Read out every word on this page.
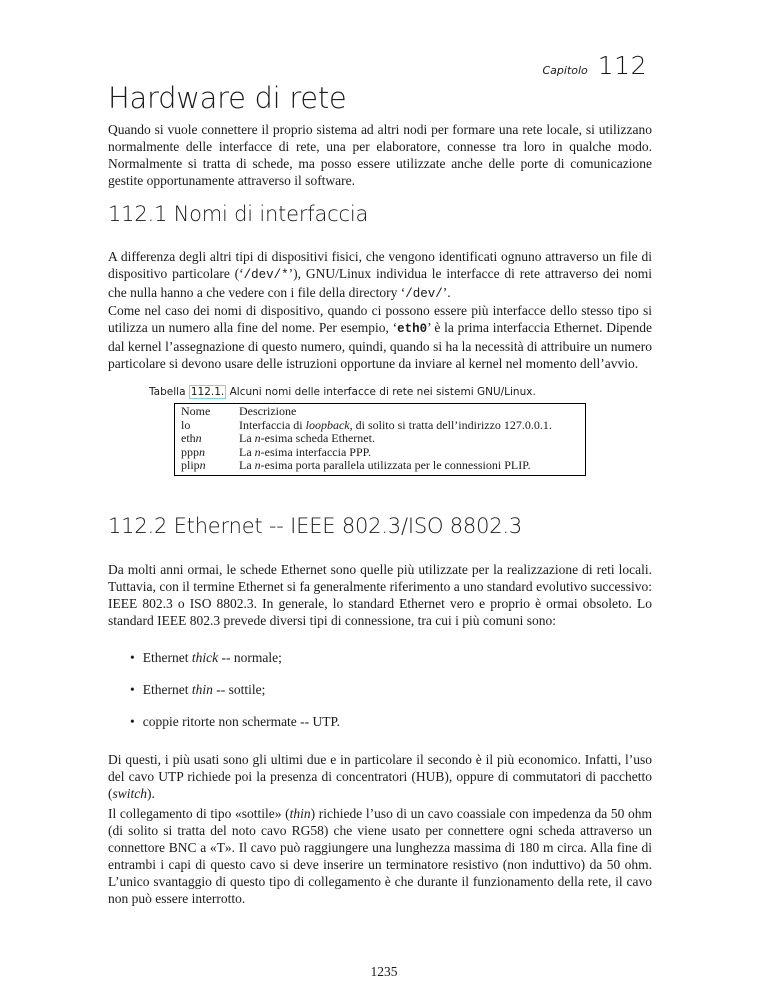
Capitolo 112
Hardware di rete

Quando si vuole connettere il proprio sistema ad altri nodi per formare una rete locale, si utilizzano normalmente delle interfacce di rete, una per elaboratore, connesse tra loro in qualche modo. Normalmente si tratta di schede, ma posso essere utilizzate anche delle porte di comunicazione gestite opportunamente attraverso il software.

112.1 Nomi di interfaccia

A differenza degli altri tipi di dispositivi fisici, che vengono identificati ognuno attraverso un file di dispositivo particolare (‘/dev/*’), GNU/Linux individua le interfacce di rete attraverso dei nomi che nulla hanno a che vedere con i file della directory ‘/dev/’.

Come nel caso dei nomi di dispositivo, quando ci possono essere più interfacce dello stesso tipo si utilizza un numero alla fine del nome. Per esempio, ‘eth0’ è la prima interfaccia Ethernet. Dipende dal kernel l’assegnazione di questo numero, quindi, quando si ha la necessità di attribuire un numero particolare si devono usare delle istruzioni opportune da inviare al kernel nel momento dell’avvio.

Tabella 112.1. Alcuni nomi delle interfacce di rete nei sistemi GNU/Linux.

Nome	Descrizione
lo	Interfaccia di loopback, di solito si tratta dell’indirizzo 127.0.0.1.
ethn	La n-esima scheda Ethernet.
pppn	La n-esima interfaccia PPP.
plipn	La n-esima porta parallela utilizzata per le connessioni PLIP.
112.2 Ethernet -- IEEE 802.3/ISO 8802.3

Da molti anni ormai, le schede Ethernet sono quelle più utilizzate per la realizzazione di reti locali. Tuttavia, con il termine Ethernet si fa generalmente riferimento a uno standard evolutivo successivo: IEEE 802.3 o ISO 8802.3. In generale, lo standard Ethernet vero e proprio è ormai obsoleto. Lo standard IEEE 802.3 prevede diversi tipi di connessione, tra cui i più comuni sono:

• Ethernet thick -- normale;
• Ethernet thin -- sottile;
• coppie ritorte non schermate -- UTP.

Di questi, i più usati sono gli ultimi due e in particolare il secondo è il più economico. Infatti, l’uso del cavo UTP richiede poi la presenza di concentratori (HUB), oppure di commutatori di pacchetto (switch).

Il collegamento di tipo «sottile» (thin) richiede l’uso di un cavo coassiale con impedenza da 50 ohm (di solito si tratta del noto cavo RG58) che viene usato per connettere ogni scheda attraverso un connettore BNC a «T». Il cavo può raggiungere una lunghezza massima di 180 m circa. Alla fine di entrambi i capi di questo cavo si deve inserire un terminatore resistivo (non induttivo) da 50 ohm. L’unico svantaggio di questo tipo di collegamento è che durante il funzionamento della rete, il cavo non può essere interrotto.

1235
